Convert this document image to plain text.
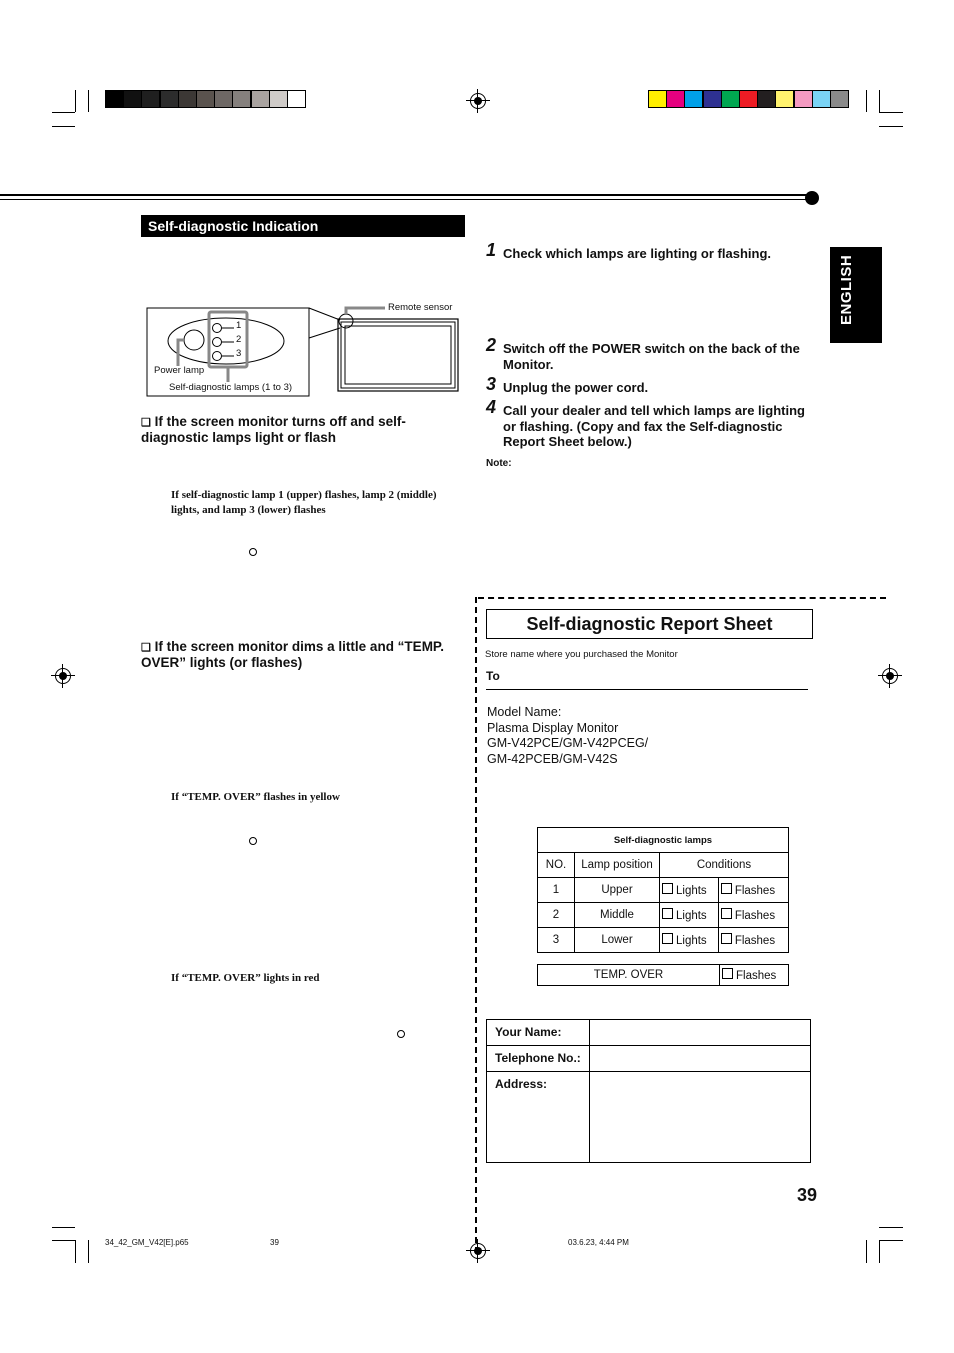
Self-diagnostic Indication
ENGLISH
Remote sensor
1
2
3
Power lamp
Self-diagnostic lamps (1 to 3)
❑ If the screen monitor turns off and self-diagnostic lamps light or flash
If self-diagnostic lamp 1 (upper) flashes, lamp 2 (middle) lights, and lamp 3 (lower) flashes
❑ If the screen monitor dims a little and “TEMP. OVER” lights (or flashes)
If “TEMP. OVER” flashes in yellow
If “TEMP. OVER” lights in red
1 Check which lamps are lighting or flashing.
2 Switch off the POWER switch on the back of the Monitor.
3 Unplug the power cord.
4 Call your dealer and tell which lamps are lighting or flashing. (Copy and fax the Self-diagnostic Report Sheet below.)
Note:
Self-diagnostic Report Sheet
Store name where you purchased the Monitor
To
Model Name:
Plasma Display Monitor
GM-V42PCE/GM-V42PCEG/
GM-42PCEB/GM-V42S
Self-diagnostic lamps			
NO.	Lamp position	Conditions	
1	Upper	Lights	Flashes
2	Middle	Lights	Flashes
3	Lower	Lights	Flashes
TEMP. OVER	Flashes
Your Name:	
Telephone No.:	
Address:	
39
34_42_GM_V42[E].p65	39	03.6.23, 4:44 PM
